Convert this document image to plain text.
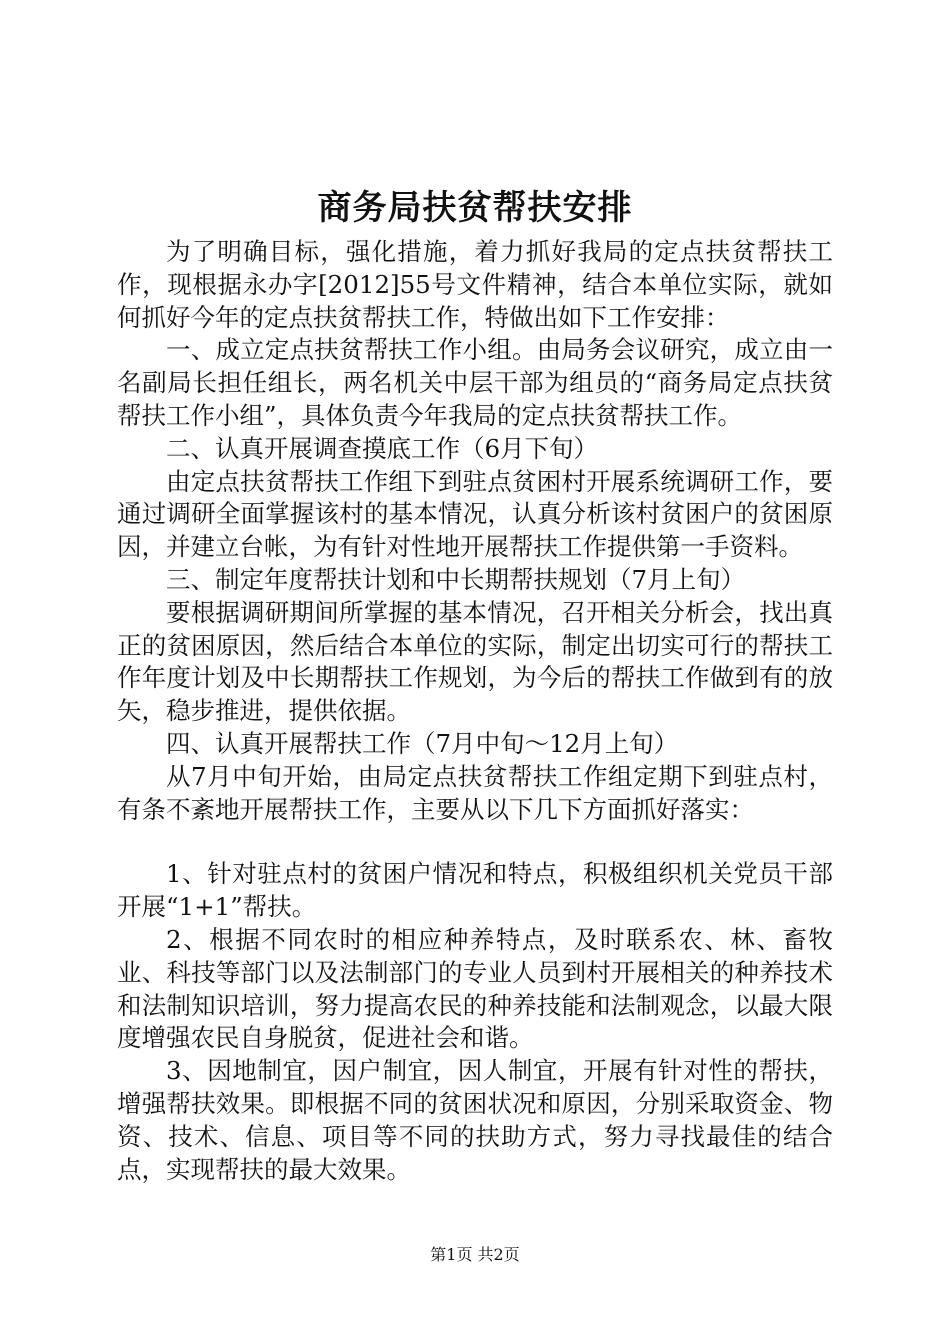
商务局扶贫帮扶安排

为了明确目标，强化措施，着力抓好我局的定点扶贫帮扶工作，现根据永办字[2012]55号文件精神，结合本单位实际，就如何抓好今年的定点扶贫帮扶工作，特做出如下工作安排：

一、成立定点扶贫帮扶工作小组。由局务会议研究，成立由一名副局长担任组长，两名机关中层干部为组员的“商务局定点扶贫帮扶工作小组”，具体负责今年我局的定点扶贫帮扶工作。

二、认真开展调查摸底工作（6月下旬）

由定点扶贫帮扶工作组下到驻点贫困村开展系统调研工作，要通过调研全面掌握该村的基本情况，认真分析该村贫困户的贫困原因，并建立台帐，为有针对性地开展帮扶工作提供第一手资料。

三、制定年度帮扶计划和中长期帮扶规划（7月上旬）

要根据调研期间所掌握的基本情况，召开相关分析会，找出真正的贫困原因，然后结合本单位的实际，制定出切实可行的帮扶工作年度计划及中长期帮扶工作规划，为今后的帮扶工作做到有的放矢，稳步推进，提供依据。

四、认真开展帮扶工作（7月中旬～12月上旬）

从7月中旬开始，由局定点扶贫帮扶工作组定期下到驻点村，有条不紊地开展帮扶工作，主要从以下几下方面抓好落实：

1、针对驻点村的贫困户情况和特点，积极组织机关党员干部开展“1+1”帮扶。

2、根据不同农时的相应种养特点，及时联系农、林、畜牧业、科技等部门以及法制部门的专业人员到村开展相关的种养技术和法制知识培训，努力提高农民的种养技能和法制观念，以最大限度增强农民自身脱贫，促进社会和谐。

3、因地制宜，因户制宜，因人制宜，开展有针对性的帮扶，增强帮扶效果。即根据不同的贫困状况和原因，分别采取资金、物资、技术、信息、项目等不同的扶助方式，努力寻找最佳的结合点，实现帮扶的最大效果。

第1页 共2页
